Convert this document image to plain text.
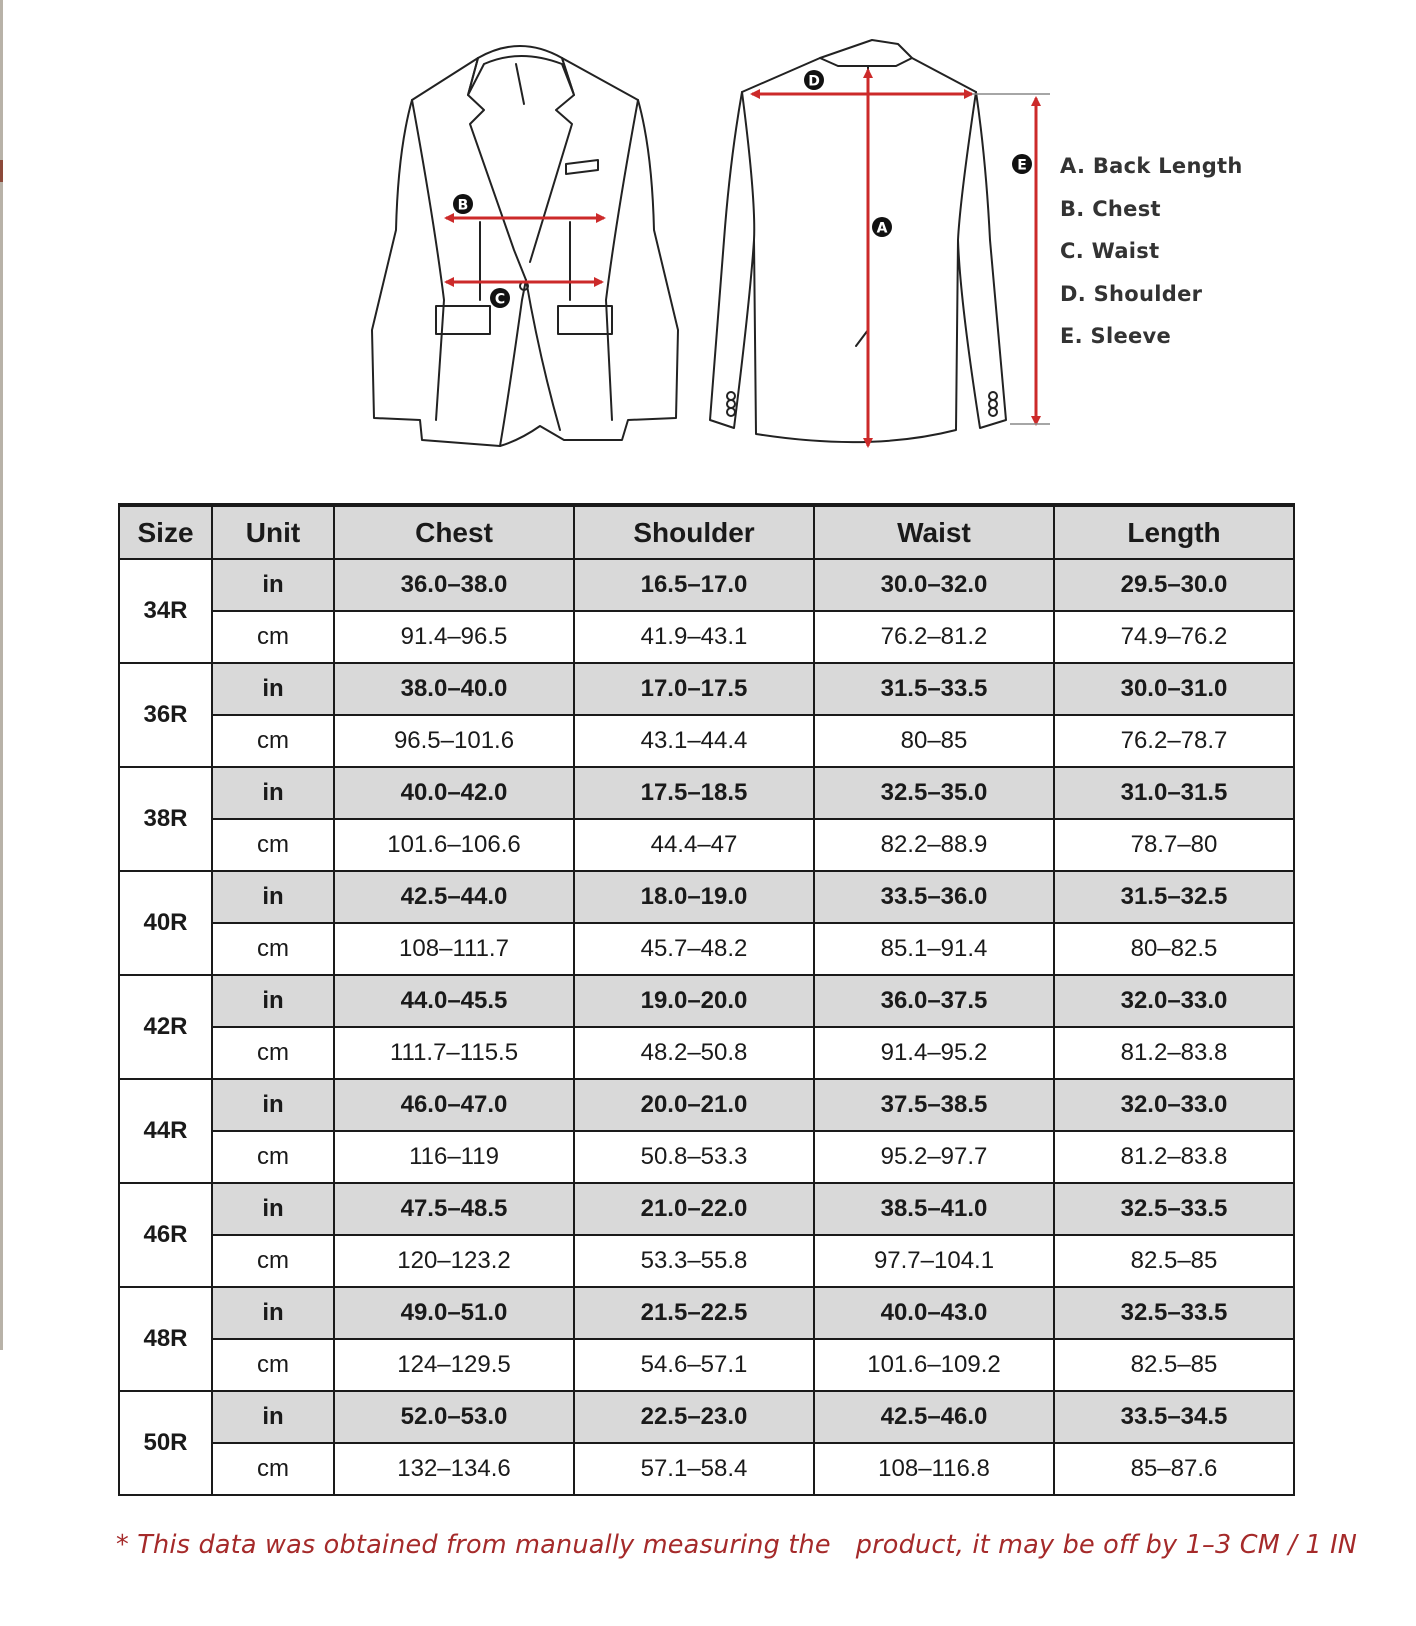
D
B
C
A
E A. Back Length
B. Chest
C. Waist
D. Shoulder
E. Sleeve
Size	Unit	Chest	Shoulder	Waist	Length
34R	in	36.0–38.0	16.5–17.0	30.0–32.0	29.5–30.0
	cm	91.4–96.5	41.9–43.1	76.2–81.2	74.9–76.2
36R	in	38.0–40.0	17.0–17.5	31.5–33.5	30.0–31.0
	cm	96.5–101.6	43.1–44.4	80–85	76.2–78.7
38R	in	40.0–42.0	17.5–18.5	32.5–35.0	31.0–31.5
	cm	101.6–106.6	44.4–47	82.2–88.9	78.7–80
40R	in	42.5–44.0	18.0–19.0	33.5–36.0	31.5–32.5
	cm	108–111.7	45.7–48.2	85.1–91.4	80–82.5
42R	in	44.0–45.5	19.0–20.0	36.0–37.5	32.0–33.0
	cm	111.7–115.5	48.2–50.8	91.4–95.2	81.2–83.8
44R	in	46.0–47.0	20.0–21.0	37.5–38.5	32.0–33.0
	cm	116–119	50.8–53.3	95.2–97.7	81.2–83.8
46R	in	47.5–48.5	21.0–22.0	38.5–41.0	32.5–33.5
	cm	120–123.2	53.3–55.8	97.7–104.1	82.5–85
48R	in	49.0–51.0	21.5–22.5	40.0–43.0	32.5–33.5
	cm	124–129.5	54.6–57.1	101.6–109.2	82.5–85
50R	in	52.0–53.0	22.5–23.0	42.5–46.0	33.5–34.5
	cm	132–134.6	57.1–58.4	108–116.8	85–87.6
* This data was obtained from manually measuring the   product, it may be off by 1–3 CM / 1 IN
